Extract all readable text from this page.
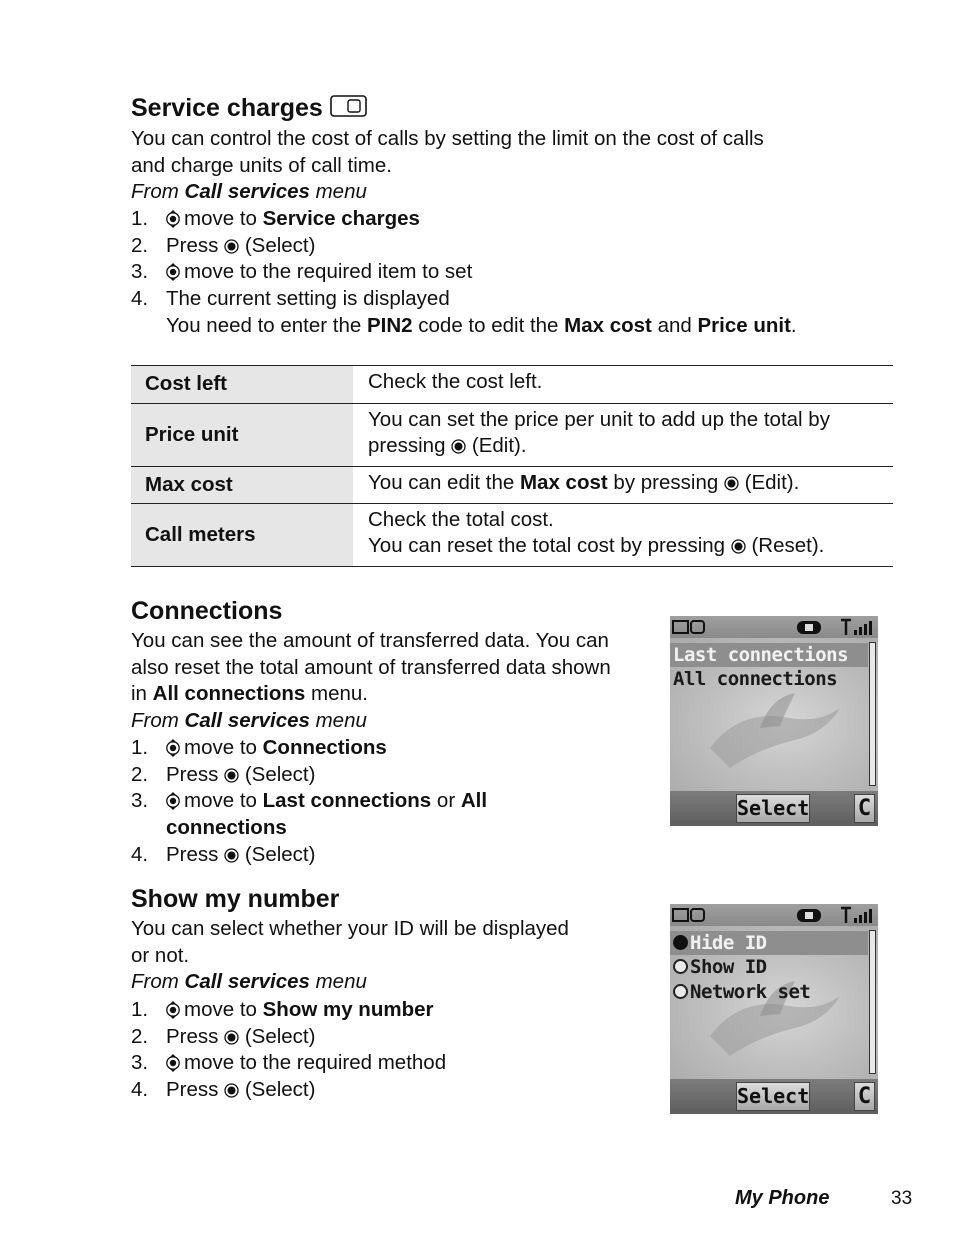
Service charges
You can control the cost of calls by setting the limit on the cost of calls
and charge units of call time.
From Call services menu
1. move to Service charges
2. Press  (Select)
3. move to the required item to set
4. The current setting is displayed
You need to enter the PIN2 code to edit the Max cost and Price unit.
Cost left	Check the cost left.
Price unit	You can set the price per unit to add up the total by
pressing  (Edit).

Max cost	You can edit the Max cost by pressing  (Edit).
Call meters	Check the total cost.
You can reset the total cost by pressing  (Reset).
Connections
You can see the amount of transferred data. You can
also reset the total amount of transferred data shown
in All connections menu.
From Call services menu
1. move to Connections
2. Press  (Select)
3. move to Last connections or All
connections
4. Press  (Select)
Last connections
All connections
Select C
Show my number
You can select whether your ID will be displayed
or not.
From Call services menu
1. move to Show my number
2. Press  (Select)
3. move to the required method
4. Press  (Select)
Hide ID
Show ID
Network set
Select C
My Phone	33
